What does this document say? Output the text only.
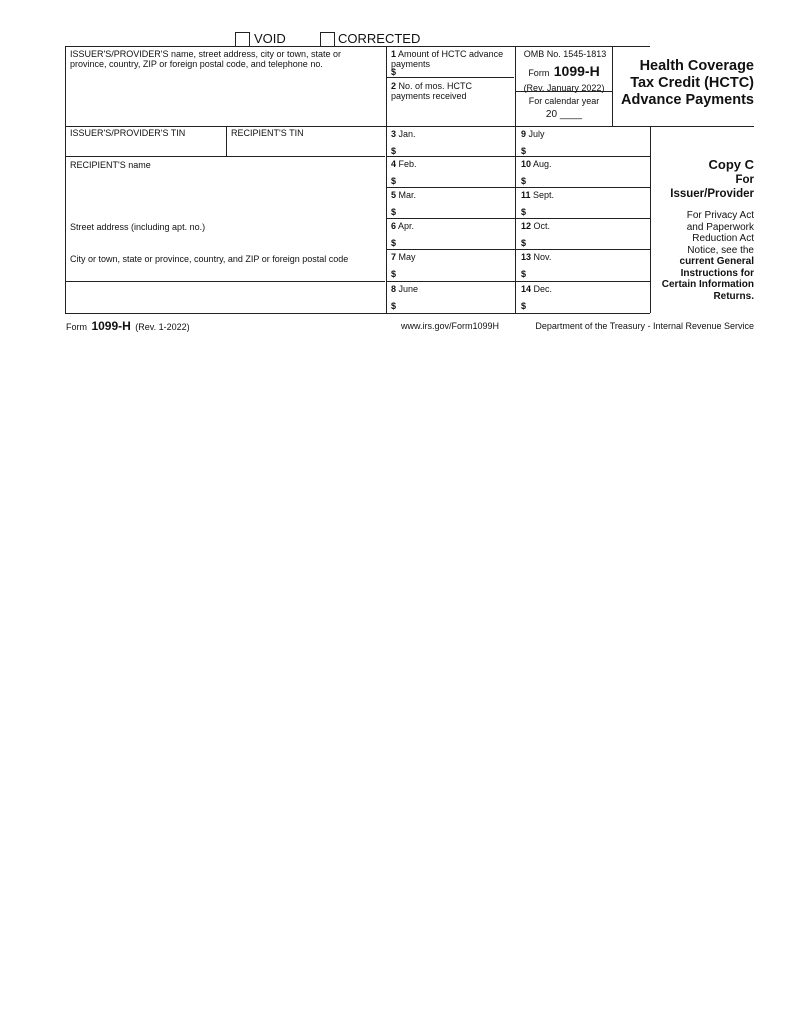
VOID	CORRECTED
ISSUER'S/PROVIDER'S name, street address, city or town, state or province, country, ZIP or foreign postal code, and telephone no.
ISSUER'S/PROVIDER'S TIN	RECIPIENT'S TIN
RECIPIENT'S name
Street address (including apt. no.)
City or town, state or province, country, and ZIP or foreign postal code
1 Amount of HCTC advance payments
$
2 No. of mos. HCTC payments received
OMB No. 1545-1813
Form 1099-H
(Rev. January 2022)
For calendar year
20 ____
Health Coverage
Tax Credit (HCTC)
Advance Payments
3 Jan.
$
4 Feb.
$
5 Mar.
$
6 Apr.
$
7 May
$
8 June
$
9 July
$
10 Aug.
$
11 Sept.
$
12 Oct.
$
13 Nov.
$
14 Dec.
$
Copy C
For
Issuer/Provider
For Privacy Act
and Paperwork
Reduction Act
Notice, see the
current General
Instructions for
Certain Information
Returns.
Form 1099-H (Rev. 1-2022)	www.irs.gov/Form1099H	Department of the Treasury - Internal Revenue Service
